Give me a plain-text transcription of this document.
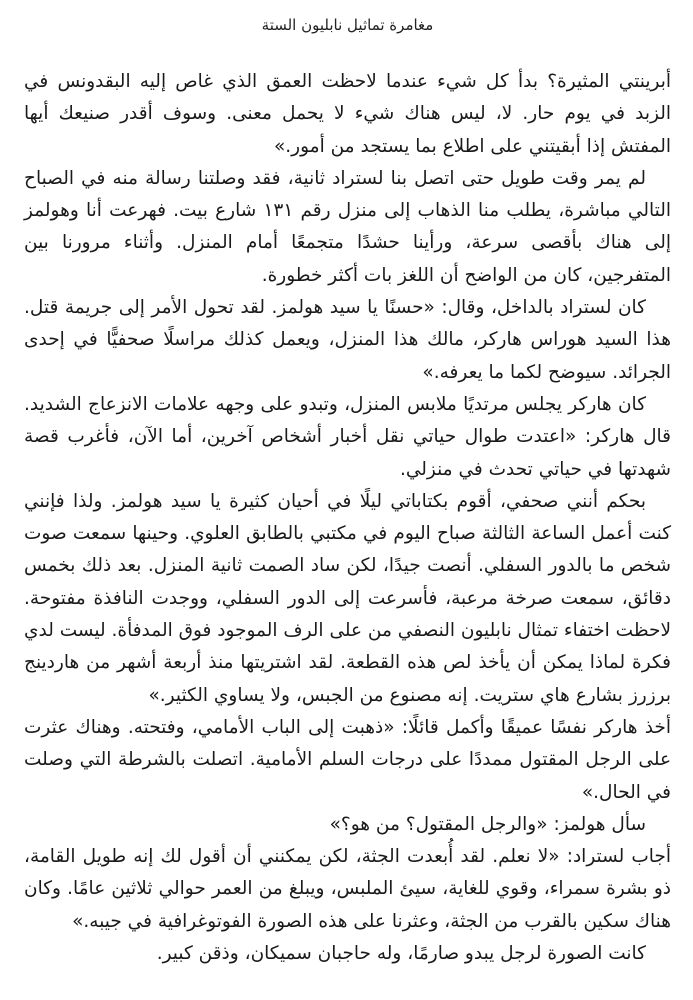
مغامرة تماثيل نابليون الستة

أبرينتي المثيرة؟ بدأ كل شيء عندما لاحظت العمق الذي غاص إليه البقدونس في الزبد في يوم حار. لا، ليس هناك شيء لا يحمل معنى. وسوف أقدر صنيعك أيها المفتش إذا أبقيتني على اطلاع بما يستجد من أمور.»

لم يمر وقت طويل حتى اتصل بنا لستراد ثانية، فقد وصلتنا رسالة منه في الصباح التالي مباشرة، يطلب منا الذهاب إلى منزل رقم ١٣١ شارع بيت. فهرعت أنا وهولمز إلى هناك بأقصى سرعة، ورأينا حشدًا متجمعًا أمام المنزل. وأثناء مرورنا بين المتفرجين، كان من الواضح أن اللغز بات أكثر خطورة.

كان لستراد بالداخل، وقال: «حسنًا يا سيد هولمز. لقد تحول الأمر إلى جريمة قتل. هذا السيد هوراس هاركر، مالك هذا المنزل، ويعمل كذلك مراسلًا صحفيًّا في إحدى الجرائد. سيوضح لكما ما يعرفه.»

كان هاركر يجلس مرتديًا ملابس المنزل، وتبدو على وجهه علامات الانزعاج الشديد. قال هاركر: «اعتدت طوال حياتي نقل أخبار أشخاص آخرين، أما الآن، فأغرب قصة شهدتها في حياتي تحدث في منزلي.

بحكم أنني صحفي، أقوم بكتاباتي ليلًا في أحيان كثيرة يا سيد هولمز. ولذا فإنني كنت أعمل الساعة الثالثة صباح اليوم في مكتبي بالطابق العلوي. وحينها سمعت صوت شخص ما بالدور السفلي. أنصت جيدًا، لكن ساد الصمت ثانية المنزل. بعد ذلك بخمس دقائق، سمعت صرخة مرعبة، فأسرعت إلى الدور السفلي، ووجدت النافذة مفتوحة. لاحظت اختفاء تمثال نابليون النصفي من على الرف الموجود فوق المدفأة. ليست لدي فكرة لماذا يمكن أن يأخذ لص هذه القطعة. لقد اشتريتها منذ أربعة أشهر من هاردينج برزرز بشارع هاي ستريت. إنه مصنوع من الجبس، ولا يساوي الكثير.»

أخذ هاركر نفسًا عميقًا وأكمل قائلًا: «ذهبت إلى الباب الأمامي، وفتحته. وهناك عثرت على الرجل المقتول ممددًا على درجات السلم الأمامية. اتصلت بالشرطة التي وصلت في الحال.»

سأل هولمز: «والرجل المقتول؟ من هو؟»

أجاب لستراد: «لا نعلم. لقد أُبعدت الجثة، لكن يمكنني أن أقول لك إنه طويل القامة، ذو بشرة سمراء، وقوي للغاية، سيئ الملبس، ويبلغ من العمر حوالي ثلاثين عامًا. وكان هناك سكين بالقرب من الجثة، وعثرنا على هذه الصورة الفوتوغرافية في جيبه.»

كانت الصورة لرجل يبدو صارمًا، وله حاجبان سميكان، وذقن كبير.
